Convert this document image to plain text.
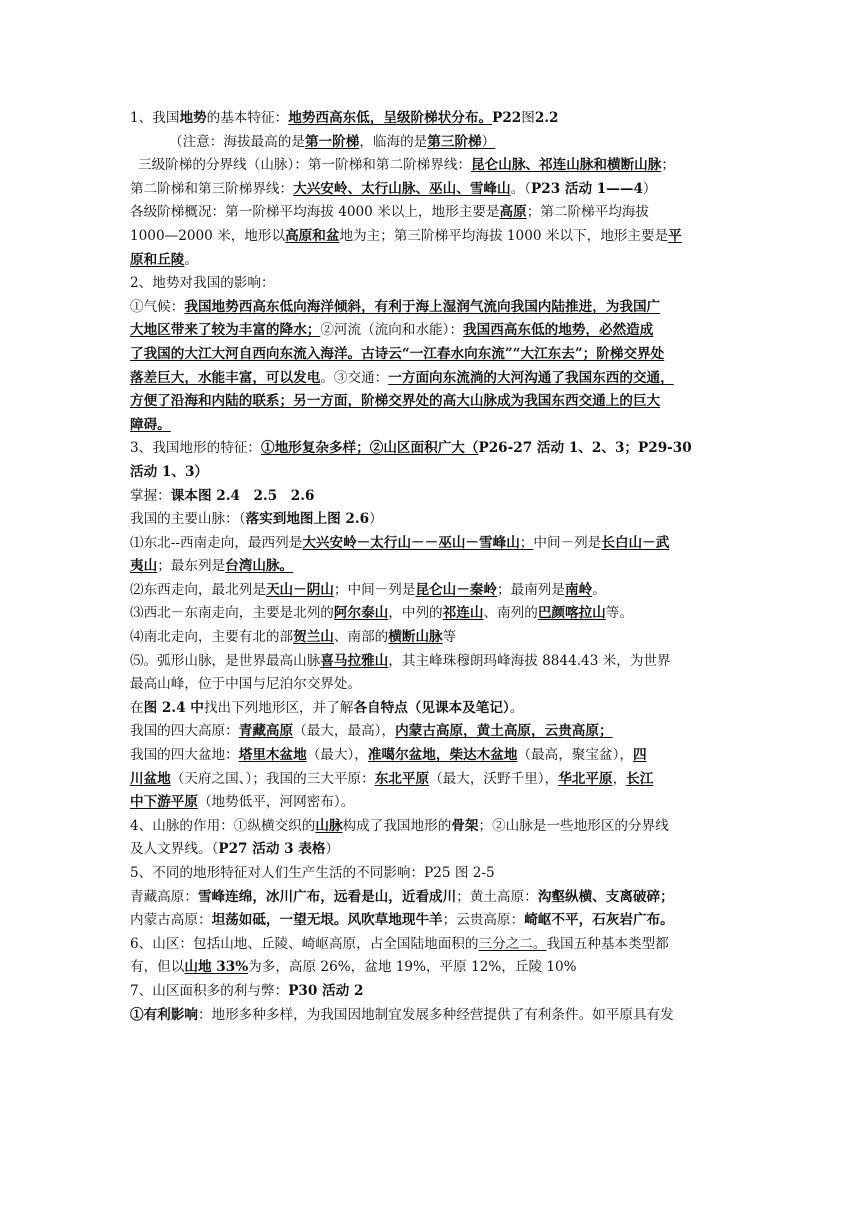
1、我国地势的基本特征：地势西高东低，呈级阶梯状分布。P22图2.2
（注意：海拔最高的是第一阶梯，临海的是第三阶梯）
三级阶梯的分界线（山脉）：第一阶梯和第二阶梯界线：昆仑山脉、祁连山脉和横断山脉；
第二阶梯和第三阶梯界线：大兴安岭、太行山脉、巫山、雪峰山。（P23 活动 1——4）
各级阶梯概况：第一阶梯平均海拔 4000 米以上，地形主要是高原；第二阶梯平均海拔
1000—2000 米，地形以高原和盆地为主；第三阶梯平均海拔 1000 米以下，地形主要是平
原和丘陵。
2、地势对我国的影响：
①气候：我国地势西高东低向海洋倾斜，有利于海上湿润气流向我国内陆推进，为我国广
大地区带来了较为丰富的降水；②河流（流向和水能）：我国西高东低的地势，必然造成
了我国的大江大河自西向东流入海洋。古诗云“一江春水向东流”“大江东去”；阶梯交界处
落差巨大，水能丰富，可以发电。③交通：一方面向东流淌的大河沟通了我国东西的交通，
方便了沿海和内陆的联系；另一方面，阶梯交界处的高大山脉成为我国东西交通上的巨大
障碍。
3、我国地形的特征：①地形复杂多样；②山区面积广大（P26-27 活动 1、2、3；P29-30
活动 1、3）
掌握：课本图 2.4　2.5　2.6
我国的主要山脉：（落实到地图上图 2.6）
⑴东北--西南走向，最西列是大兴安岭－太行山－－巫山－雪峰山；中间－列是长白山－武
夷山；最东列是台湾山脉。
⑵东西走向，最北列是天山－阴山；中间－列是昆仑山－秦岭；最南列是南岭。
⑶西北－东南走向，主要是北列的阿尔泰山，中列的祁连山、南列的巴颜喀拉山等。
⑷南北走向，主要有北的部贺兰山、南部的横断山脉等
⑸。弧形山脉，是世界最高山脉喜马拉雅山，其主峰珠穆朗玛峰海拔 8844.43 米，为世界
最高山峰，位于中国与尼泊尔交界处。
在图 2.4 中找出下列地形区，并了解各自特点（见课本及笔记）。
我国的四大高原：青藏高原（最大，最高），内蒙古高原，黄土高原，云贵高原；
我国的四大盆地：塔里木盆地（最大），准噶尔盆地，柴达木盆地（最高，聚宝盆），四
川盆地（天府之国、）；我国的三大平原：东北平原（最大，沃野千里），华北平原，长江
中下游平原（地势低平，河网密布）。
4、山脉的作用：①纵横交织的山脉构成了我国地形的骨架；②山脉是一些地形区的分界线
及人文界线。（P27 活动 3 表格）
5、不同的地形特征对人们生产生活的不同影响：P25 图 2-5
青藏高原：雪峰连绵，冰川广布，远看是山，近看成川；黄土高原：沟壑纵横、支离破碎；
内蒙古高原：坦荡如砥，一望无垠。风吹草地现牛羊；云贵高原：崎岖不平，石灰岩广布。
6、山区：包括山地、丘陵、崎岖高原，占全国陆地面积的三分之二。我国五种基本类型都
有，但以山地 33%为多，高原 26%，盆地 19%，平原 12%，丘陵 10%
7、山区面积多的利与弊：P30 活动 2
①有利影响：地形多种多样，为我国因地制宜发展多种经营提供了有利条件。如平原具有发
